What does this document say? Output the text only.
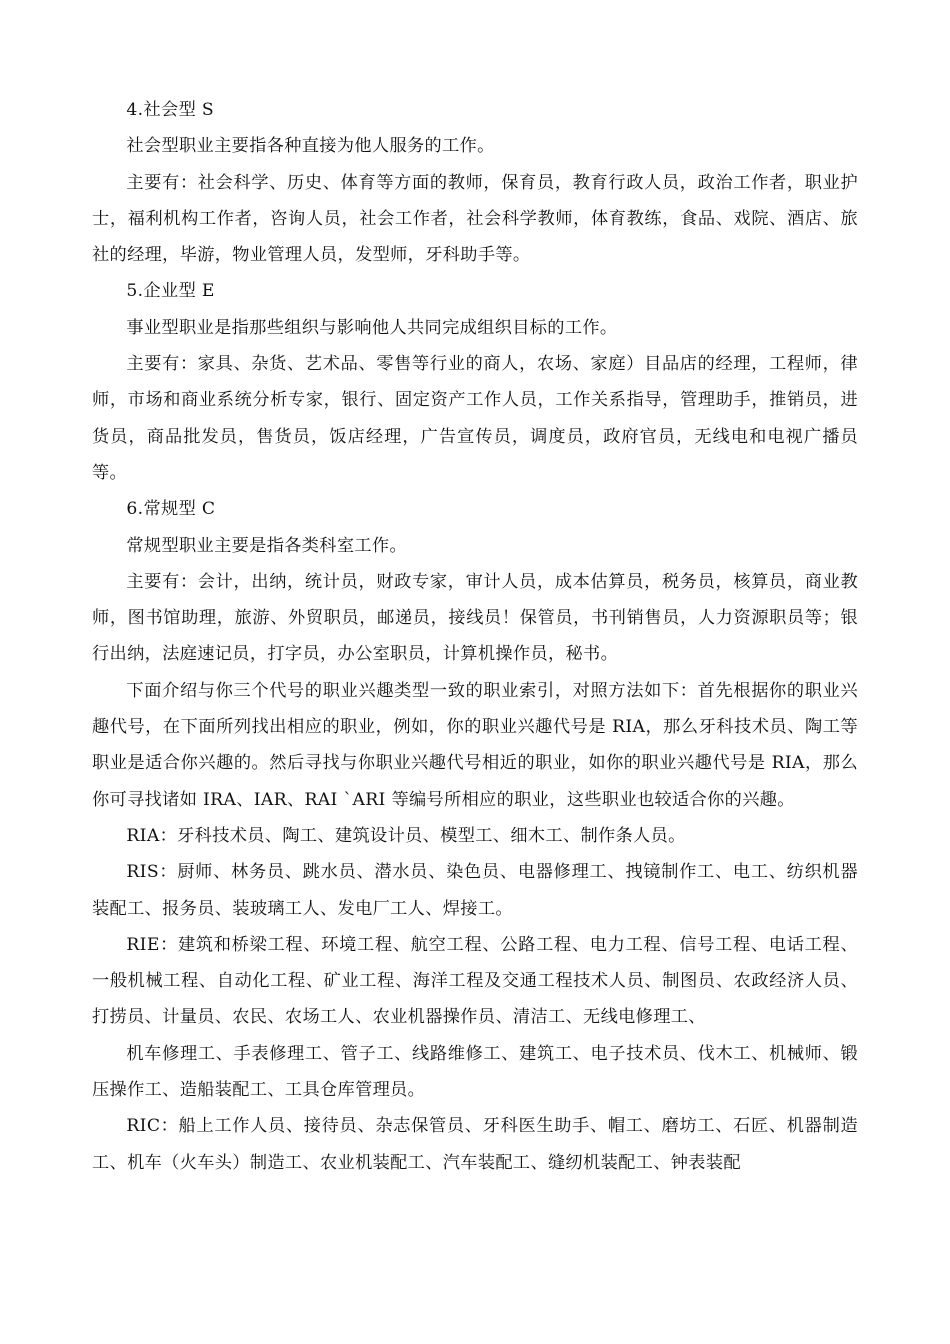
4.社会型 S

社会型职业主要指各种直接为他人服务的工作。

主要有：社会科学、历史、体育等方面的教师，保育员，教育行政人员，政治工作者，职业护士，福利机构工作者，咨询人员，社会工作者，社会科学教师，体育教练，食品、戏院、酒店、旅社的经理，毕游，物业管理人员，发型师，牙科助手等。

5.企业型 E

事业型职业是指那些组织与影响他人共同完成组织目标的工作。

主要有：家具、杂货、艺术品、零售等行业的商人，农场、家庭）目品店的经理，工程师，律师，市场和商业系统分析专家，银行、固定资产工作人员，工作关系指导，管理助手，推销员，进货员，商品批发员，售货员，饭店经理，广告宣传员，调度员，政府官员，无线电和电视广播员等。

6.常规型 C

常规型职业主要是指各类科室工作。

主要有：会计，出纳，统计员，财政专家，审计人员，成本估算员，税务员，核算员，商业教师，图书馆助理，旅游、外贸职员，邮递员，接线员！保管员，书刊销售员，人力资源职员等；银行出纳，法庭速记员，打字员，办公室职员，计算机操作员，秘书。

下面介绍与你三个代号的职业兴趣类型一致的职业索引，对照方法如下：首先根据你的职业兴趣代号，在下面所列找出相应的职业，例如，你的职业兴趣代号是 RIA，那么牙科技术员、陶工等职业是适合你兴趣的。然后寻找与你职业兴趣代号相近的职业，如你的职业兴趣代号是 RIA，那么你可寻找诸如 IRA、IAR、RAI ˋARI 等编号所相应的职业，这些职业也较适合你的兴趣。

RIA：牙科技术员、陶工、建筑设计员、模型工、细木工、制作条人员。

RIS：厨师、林务员、跳水员、潜水员、染色员、电器修理工、拽镜制作工、电工、纺织机器装配工、报务员、装玻璃工人、发电厂工人、焊接工。

RIE：建筑和桥梁工程、环境工程、航空工程、公路工程、电力工程、信号工程、电话工程、一般机械工程、自动化工程、矿业工程、海洋工程及交通工程技术人员、制图员、农政经济人员、打捞员、计量员、农民、农场工人、农业机器操作员、清洁工、无线电修理工、

机车修理工、手表修理工、管子工、线路维修工、建筑工、电子技术员、伐木工、机械师、锻压操作工、造船装配工、工具仓库管理员。

RIC：船上工作人员、接待员、杂志保管员、牙科医生助手、帽工、磨坊工、石匠、机器制造工、机车（火车头）制造工、农业机装配工、汽车装配工、缝纫机装配工、钟表装配
